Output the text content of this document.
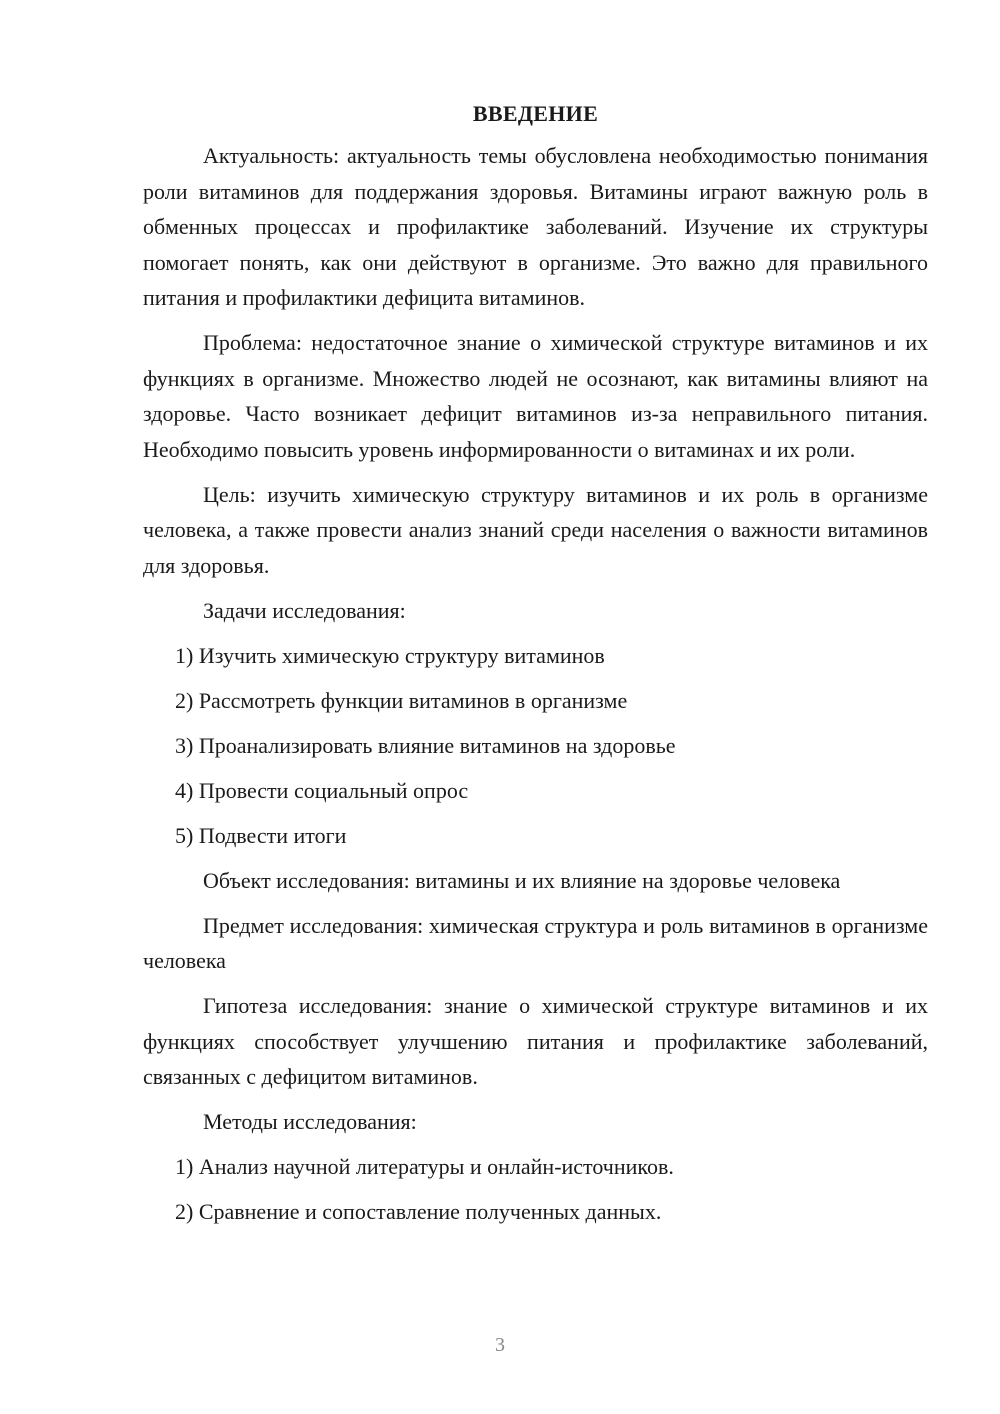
ВВЕДЕНИЕ

Актуальность: актуальность темы обусловлена необходимостью понимания роли витаминов для поддержания здоровья. Витамины играют важную роль в обменных процессах и профилактике заболеваний. Изучение их структуры помогает понять, как они действуют в организме. Это важно для правильного питания и профилактики дефицита витаминов.

Проблема: недостаточное знание о химической структуре витаминов и их функциях в организме. Множество людей не осознают, как витамины влияют на здоровье. Часто возникает дефицит витаминов из-за неправильного питания. Необходимо повысить уровень информированности о витаминах и их роли.

Цель: изучить химическую структуру витаминов и их роль в организме человека, а также провести анализ знаний среди населения о важности витаминов для здоровья.

Задачи исследования:

1) Изучить химическую структуру витаминов

2) Рассмотреть функции витаминов в организме

3) Проанализировать влияние витаминов на здоровье

4) Провести социальный опрос

5) Подвести итоги

Объект исследования: витамины и их влияние на здоровье человека

Предмет исследования: химическая структура и роль витаминов в организме человека

Гипотеза исследования: знание о химической структуре витаминов и их функциях способствует улучшению питания и профилактике заболеваний, связанных с дефицитом витаминов.

Методы исследования:

1) Анализ научной литературы и онлайн-источников.

2) Сравнение и сопоставление полученных данных.

3
